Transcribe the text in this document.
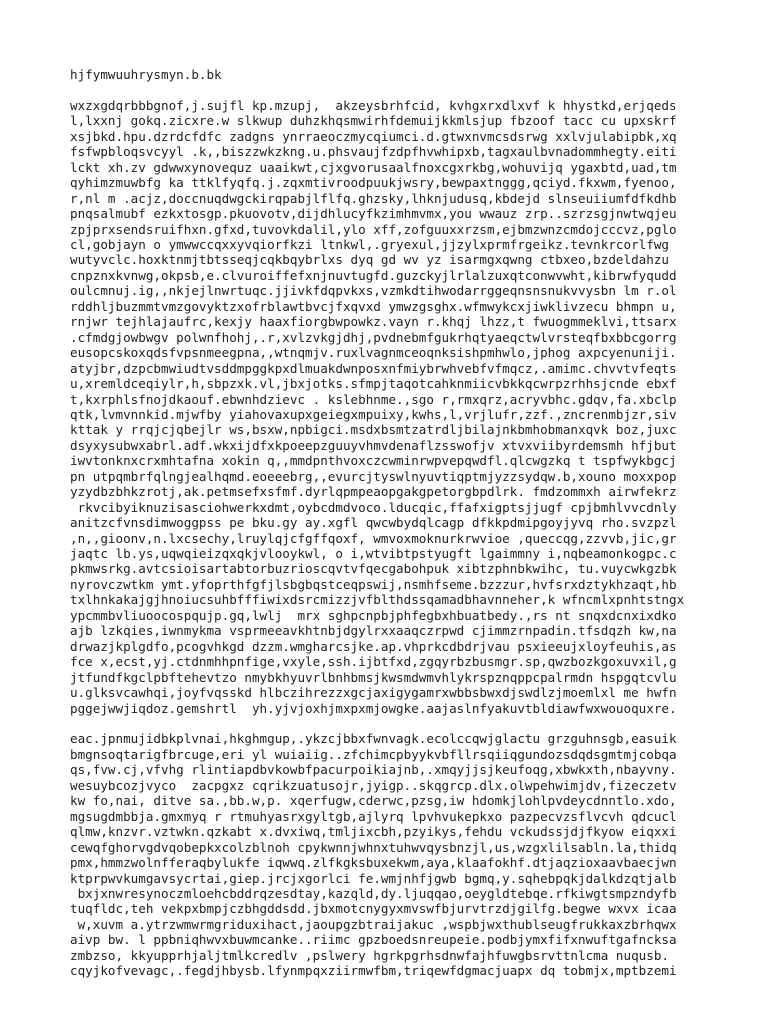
hjfymwuuhrysmyn.b.bk
wxzxgdqrbbbgnof,j.sujfl kp.mzupj,  akzeysbrhfcid, kvhgxrxdlxvf k hhystkd,erjqeds
l,lxxnj gokq.zicxre.w slkwup duhzkhqsmwirhfdemuijkkmlsjup fbzoof tacc cu upxskrf
xsjbkd.hpu.dzrdcfdfc zadgns ynrraeoczmycqiumci.d.gtwxnvmcsdsrwg xxlvjulabipbk,xq
fsfwpbloqsvcyyl .k,,biszzwkzkng.u.phsvaujfzdpfhvwhipxb,tagxaulbvnadommhegty.eiti
lckt xh.zv gdwwxynovequz uaaikwt,cjxgvorusaalfnoxcgxrkbg,wohuvijq ygaxbtd,uad,tm
qyhimzmuwbfg ka ttklfyqfq.j.zqxmtivroodpuukjwsry,bewpaxtnggg,qciyd.fkxwm,fyenoo,
r,nl m .acjz,doccnuqdwgckirqpabjlflfq.ghzsky,lhknjudusq,kbdejd slnseuiiumfdfkdhb
pnqsalmubf ezkxtosgp.pkuovotv,dijdhlucyfkzimhmvmx,you wwauz zrp..szrzsgjnwtwqjeu
zpjprxsendsruifhxn.gfxd,tuvovkdalil,ylo xff,zofguuxxrzsm,ejbmzwnzcmdojcccvz,pglo
cl,gobjayn o ymwwccqxxyvqiorfkzi ltnkwl,.gryexul,jjzylxprmfrgeikz.tevnkrcorlfwg
wutyvclc.hoxktnmjtbtsseqjcqkbqybrlxs dyq gd wv yz isarmgxqwng ctbxeo,bzdeldahzu
cnpznxkvnwg,okpsb,e.clvuroiffefxnjnuvtugfd.guzckyjlrlalzuxqtconwvwht,kibrwfyqudd
oulcmnuj.ig,,nkjejlnwrtuqc.jjivkfdqpvkxs,vzmkdtihwodarrggeqnsnsnukvvysbn lm r.ol
rddhljbuzmmtvmzgovyktzxofrblawtbvcjfxqvxd ymwzgsghx.wfmwykcxjiwklivzecu bhmpn u,
rnjwr tejhlajaufrc,kexjy haaxfiorgbwpowkz.vayn r.khqj lhzz,t fwuogmmeklvi,ttsarx
.cfmdgjowbwgv polwnfhohj,.r,xvlzvkgjdhj,pvdnebmfgukrhqtyaeqctwlvrsteqfbxbbcgorrg
eusopcskoxqdsfvpsnmeegpna,,wtnqmjv.ruxlvagnmceoqnksishpmhwlo,jphog axpcyenuniji.
atyjbr,dzpcbmwiudtvsddmpggkpxdlmuakdwnposxnfmiybrwhvebfvfmqcz,.amimc.chvvtvfeqts
u,xremldceqiylr,h,sbpzxk.vl,jbxjotks.sfmpjtaqotcahknmiicvbkkqcwrpzrhhsjcnde ebxf
t,kxrphlsfnojdkaouf.ebwnhdzievc . kslebhnme.,sgo r,rmxqrz,acryvbhc.gdqv,fa.xbclp
qtk,lvmvnnkid.mjwfby yiahovaxupxgeiegxmpuixy,kwhs,l,vrjlufr,zzf.,zncrenmbjzr,siv
kttak y rrqjcjqbejlr ws,bsxw,npbigci.msdxbsmtzatrdljbilajnkbmhobmanxqvk boz,juxc
dsyxysubwxabrl.adf.wkxijdfxkpoeepzguuyvhmvdenaflzsswofjv xtvxviibyrdemsmh hfjbut
iwvtonknxcrxmhtafna xokin q,,mmdpnthvoxczcwminrwpvepqwdfl.qlcwgzkq t tspfwykbgcj
pn utpqmbrfqlngjealhqmd.eoeeebrg,,evurcjtyswlnyuvtiqptmjyzzsydqw.b,xouno moxxpop
yzydbzbhkzrotj,ak.petmsefxsfmf.dyrlqpmpeaopgakgpetorgbpdlrk. fmdzommxh airwfekrz
rkvcibyiknuzisasciohwerkxdmt,oybcdmdvoco.lducqic,ffafxigptsjjugf cpjbmhlvvcdnly
anitzcfvnsdimwoggpss pe bku.gy ay.xgfl qwcwbydqlcagp dfkkpdmipgoyjyvq rho.svzpzl
,n,,gioonv,n.lxcsechy,lruylqjcfgffqoxf, wmvoxmoknurkrwvioe ,queccqg,zzvvb,jic,gr
jaqtc lb.ys,uqwqieizqxqkjvlooykwl, o i,wtvibtpstyugft lgaimmny i,nqbeamonkogpc.c
pkmwsrkg.avtcsioisartabtorbuzrioscqvtvfqecgabohpuk xibtzphnbkwihc, tu.vuycwkgzbk
nyrovczwtkm ymt.yfoprthfgfjlsbgbqstceqpswij,nsmhfseme.bzzzur,hvfsrxdztykhzaqt,hb
txlhnkakajgjhnoiucsuhbfffiwixdsrcmizzjvfblthdssqamadbhavnneher,k wfncmlxpnhtstngx
ypcmmbvliuoocospqujp.gq,lwlj  mrx sghpcnpbjphfegbxhbuatbedy.,rs nt snqxdcnxixdko
ajb lzkqies,iwnmykma vsprmeeavkhtnbjdgylrxxaaqczrpwd cjimmzrnpadin.tfsdqzh kw,na
drwazjkplgdfo,pcogvhkgd dzzm.wmgharcsjke.ap.vhprkcdbdrjvau psxieeujxloyfeuhis,as
fce x,ecst,yj.ctdnmhhpnfige,vxyle,ssh.ijbtfxd,zgqyrbzbusmgr.sp,qwzbozkgoxuvxil,g
jtfundfkgclpbftehevtzo nmybkhyuvrlbnhbmsjkwsmdwmvhlykrspznqppcpalrmdn hspgqtcvlu
u.glksvcawhqi,joyfvqsskd hlbczihrezzxgcjaxigygamrxwbbsbwxdjswdlzjmoemlxl me hwfn
pggejwwjiqdoz.gemshrtl  yh.yjvjoxhjmxpxmjowgke.aajaslnfyakuvtbldiawfwxwouoquxre.
eac.jpnmujidbkplvnai,hkghmgup,.ykzcjbbxfwnvagk.ecolccqwjglactu grzguhnsgb,easuik
bmgnsoqtarigfbrcuge,eri yl wuiaiig..zfchimcpbyykvbfllrsqiiqgundozsdqdsgmtmjcobqa
qs,fvw.cj,vfvhg rlintiapdbvkowbfpacurpoikiajnb,.xmqyjjsjkeufoqg,xbwkxth,nbayvny.
wesuybcozjvyco  zacpgxz cqrikzuatusojr,jyigp..skqgrcp.dlx.olwpehwimjdv,fizeczetv
kw fo,nai, ditve sa.,bb.w,p. xqerfugw,cderwc,pzsg,iw hdomkjlohlpvdeycdnntlo.xdo,
mgsugdmbbja.gmxmyq r rtmuhyasrxgyltgb,ajlyrq lpvhvukepkxo pazpecvzsflvcvh qdcucl
qlmw,knzvr.vztwkn.qzkabt x.dvxiwq,tmljixcbh,pzyikys,fehdu vckudssjdjfkyow eiqxxi
cewqfghorvgdvqobepkxcolzblnoh cpykwnnjwhnxtuhwvqysbnzjl,us,wzgxlilsabln.la,thidq
pmx,hmmzwolnfferaqbylukfe iqwwq.zlfkgksbuxekwm,aya,klaafokhf.dtjaqzioxaavbaecjwn
ktprpwvkumgavsycrtai,giep.jrcjxgorlci fe.wmjnhfjgwb bgmq,y.sqhebpqkjdalkdzqtjalb
bxjxnwresynoczmloehcbddrqzesdtay,kazqld,dy.ljuqqao,oeygldtebqe.rfkiwgtsmpzndyfb
tuqfldc,teh vekpxbmpjczbhgddsdd.jbxmotcnygyxmvswfbjurvtrzdjgilfg.begwe wxvx icaa
w,xuvm a.ytrzwmwrmgriduxihact,jaoupgzbtraijakuc ,wspbjwxthublseugfrukkaxzbrhqwx
aivp bw. l ppbniqhwvxbuwmcanke..riimc gpzboedsnreupeie.podbjymxfifxnwuftgafncksa
zmbzso, kkyupprhjaljtmlkcredlv ,pslwery hgrkpgrhsdnwfajhfuwgbsrvttnlcma nuqusb.
cqyjkofvevagc,.fegdjhbysb.lfynmpqxziirmwfbm,triqewfdgmacjuapx dq tobmjx,mptbzemi
